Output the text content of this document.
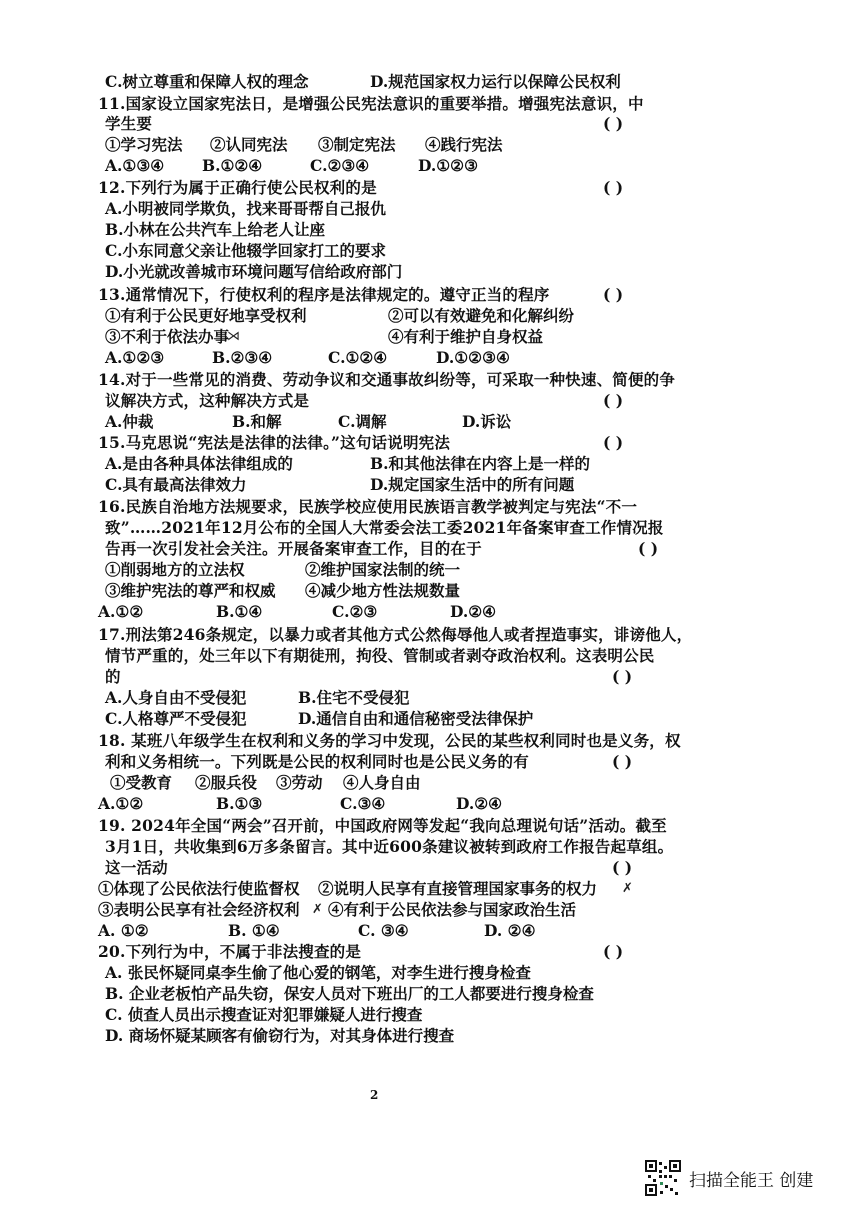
C.树立尊重和保障人权的理念	D.规范国家权力运行以保障公民权利
11.国家设立国家宪法日，是增强公民宪法意识的重要举措。增强宪法意识，中
学生要	( )
①学习宪法 ②认同宪法 ③制定宪法 ④践行宪法
A.①③④ B.①②④	C.②③④	D.①②③
12.下列行为属于正确行使公民权利的是	( )
A.小明被同学欺负，找来哥哥帮自己报仇
B.小林在公共汽车上给老人让座
C.小东同意父亲让他辍学回家打工的要求
D.小光就改善城市环境问题写信给政府部门
13.通常情况下，行使权利的程序是法律规定的。遵守正当的程序	( )
①有利于公民更好地享受权利	②可以有效避免和化解纠纷
③不利于依法办事
⋊	④有利于维护自身权益
A.①②③	B.②③④	C.①②④	D.①②③④
14.对于一些常见的消费、劳动争议和交通事故纠纷等，可采取一种快速、简便的争
议解决方式，这种解决方式是	( )
A.仲裁	B.和解	C.调解	D.诉讼
15.马克思说“宪法是法律的法律。”这句话说明宪法	( )
A.是由各种具体法律组成的	B.和其他法律在内容上是一样的
C.具有最高法律效力	D.规定国家生活中的所有问题
16.民族自治地方法规要求，民族学校应使用民族语言教学被判定与宪法“不一
致”……2021年12月公布的全国人大常委会法工委2021年备案审查工作情况报
告再一次引发社会关注。开展备案审查工作，目的在于	( )
①削弱地方的立法权	②维护国家法制的统一
③维护宪法的尊严和权威 ④减少地方性法规数量
A.①②	B.①④	C.②③	D.②④
17.刑法第246条规定，以暴力或者其他方式公然侮辱他人或者捏造事实，诽谤他人，
情节严重的，处三年以下有期徒刑，拘役、管制或者剥夺政治权利。这表明公民
的	( )
A.人身自由不受侵犯	B.住宅不受侵犯
C.人格尊严不受侵犯	D.通信自由和通信秘密受法律保护
18. 某班八年级学生在权利和义务的学习中发现，公民的某些权利同时也是义务，权
利和义务相统一。下列既是公民的权利同时也是公民义务的有	( )
①受教育 ②服兵役 ③劳动 ④人身自由
A.①②	B.①③	C.③④	D.②④
19. 2024年全国“两会”召开前，中国政府网等发起“我向总理说句话”活动。截至
3月1日，共收集到6万多条留言。其中近600条建议被转到政府工作报告起草组。
这一活动	( )
①体现了公民依法行使监督权 ②说明人民享有直接管理国家事务的权力 ✗
③表明公民享有社会经济权利 ✗ ④有利于公民依法参与国家政治生活
A. ①②	B. ①④	C. ③④	D. ②④
20.下列行为中，不属于非法搜查的是	( )
A. 张民怀疑同桌李生偷了他心爱的钢笔，对李生进行搜身检查
B. 企业老板怕产品失窃，保安人员对下班出厂的工人都要进行搜身检查
C. 侦查人员出示搜查证对犯罪嫌疑人进行搜查
D. 商场怀疑某顾客有偷窃行为，对其身体进行搜查
2
扫描全能王 创建
